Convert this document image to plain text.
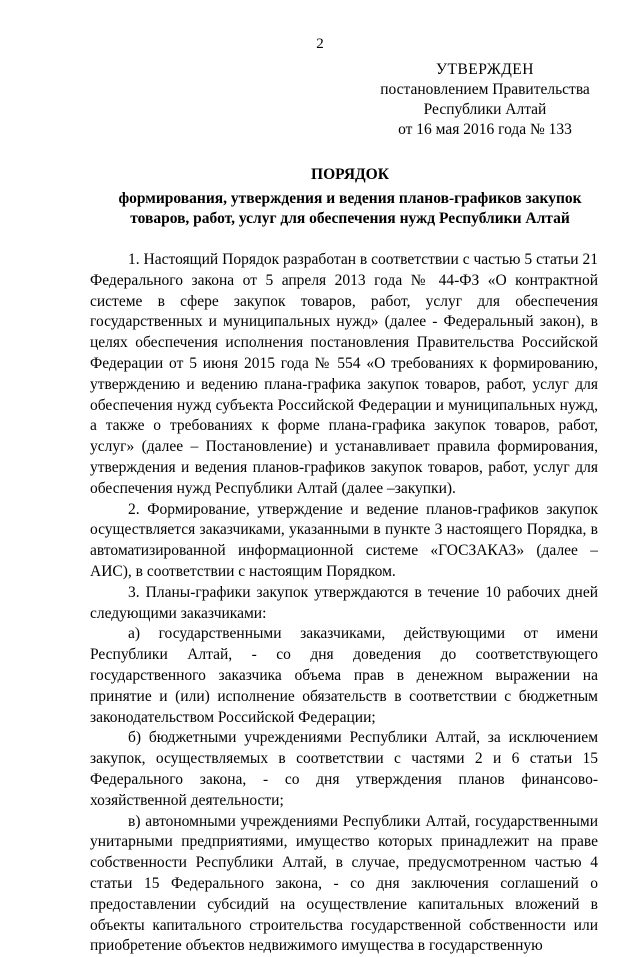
2
УТВЕРЖДЕН
постановлением Правительства
Республики Алтай
от 16 мая 2016 года № 133
ПОРЯДОК
формирования, утверждения и ведения планов-графиков закупок
товаров, работ, услуг для обеспечения нужд Республики Алтай

1. Настоящий Порядок разработан в соответствии с частью 5 статьи 21 Федерального закона от 5 апреля 2013 года № 44-ФЗ «О контрактной системе в сфере закупок товаров, работ, услуг для обеспечения государственных и муниципальных нужд» (далее - Федеральный закон), в целях обеспечения исполнения постановления Правительства Российской Федерации от 5 июня 2015 года № 554 «О требованиях к формированию, утверждению и ведению плана-графика закупок товаров, работ, услуг для обеспечения нужд субъекта Российской Федерации и муниципальных нужд, а также о требованиях к форме плана-графика закупок товаров, работ, услуг» (далее – Постановление) и устанавливает правила формирования, утверждения и ведения планов-графиков закупок товаров, работ, услуг для обеспечения нужд Республики Алтай (далее –закупки).

2. Формирование, утверждение и ведение планов-графиков закупок осуществляется заказчиками, указанными в пункте 3 настоящего Порядка, в автоматизированной информационной системе «ГОСЗАКАЗ» (далее – АИС), в соответствии с настоящим Порядком.

3. Планы-графики закупок утверждаются в течение 10 рабочих дней следующими заказчиками:

а) государственными заказчиками, действующими от имени Республики Алтай, - со дня доведения до соответствующего государственного заказчика объема прав в денежном выражении на принятие и (или) исполнение обязательств в соответствии с бюджетным законодательством Российской Федерации;

б) бюджетными учреждениями Республики Алтай, за исключением закупок, осуществляемых в соответствии с частями 2 и 6 статьи 15 Федерального закона, - со дня утверждения планов финансово-хозяйственной деятельности;

в) автономными учреждениями Республики Алтай, государственными унитарными предприятиями, имущество которых принадлежит на праве собственности Республики Алтай, в случае, предусмотренном частью 4 статьи 15 Федерального закона, - со дня заключения соглашений о предоставлении субсидий на осуществление капитальных вложений в объекты капитального строительства государственной собственности или приобретение объектов недвижимого имущества в государственную
